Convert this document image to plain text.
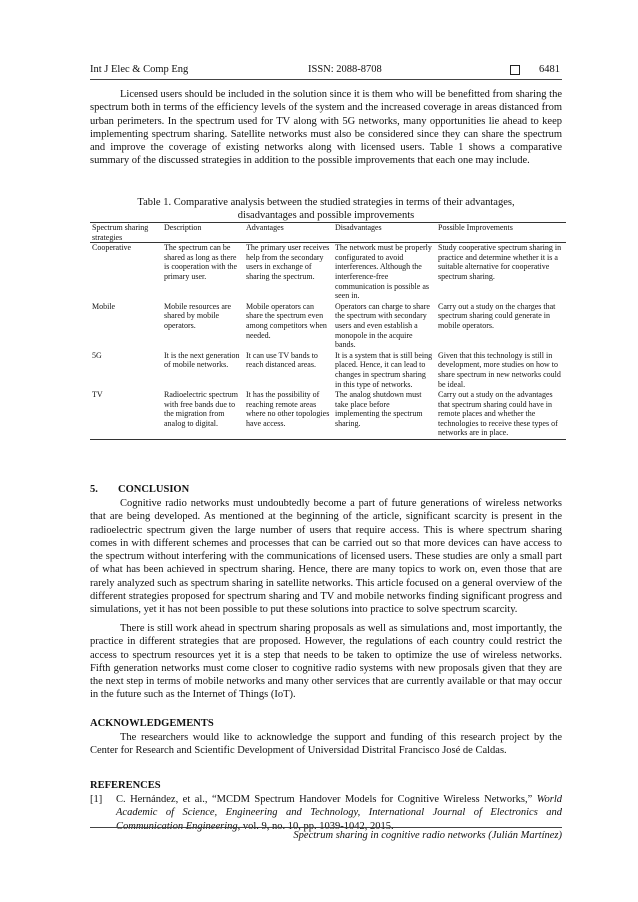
Int J Elec & Comp Eng	ISSN: 2088-8708	6481

Licensed users should be included in the solution since it is them who will be benefitted from sharing the spectrum both in terms of the efficiency levels of the system and the increased coverage in areas distanced from urban perimeters. In the spectrum used for TV along with 5G networks, many opportunities lie ahead to keep implementing spectrum sharing. Satellite networks must also be considered since they can share the spectrum and improve the coverage of existing networks along with licensed users. Table 1 shows a comparative summary of the discussed strategies in addition to the possible improvements that each one may include.

Table 1. Comparative analysis between the studied strategies in terms of their advantages,
disadvantages and possible improvements
Spectrum sharing strategies	Description	Advantages	Disadvantages	Possible Improvements
Cooperative	The spectrum can be shared as long as there is cooperation with the primary user.	The primary user receives help from the secondary users in exchange of sharing the spectrum.	The network must be properly configurated to avoid interferences. Although the interference-free communication is possible as seen in.	Study cooperative spectrum sharing in practice and determine whether it is a suitable alternative for cooperative spectrum sharing.
Mobile	Mobile resources are shared by mobile operators.	Mobile operators can share the spectrum even among competitors when needed.	Operators can charge to share the spectrum with secondary users and even establish a monopole in the acquire bands.	Carry out a study on the charges that spectrum sharing could generate in mobile operators.
5G	It is the next generation of mobile networks.	It can use TV bands to reach distanced areas.	It is a system that is still being placed. Hence, it can lead to changes in spectrum sharing in this type of networks.	Given that this technology is still in development, more studies on how to share spectrum in new networks could be ideal.
TV	Radioelectric spectrum with free bands due to the migration from analog to digital.	It has the possibility of reaching remote areas where no other topologies have access.	The analog shutdown must take place before implementing the spectrum sharing.	Carry out a study on the advantages that spectrum sharing could have in remote places and whether the technologies to receive these types of networks are in place.
5. CONCLUSION

Cognitive radio networks must undoubtedly become a part of future generations of wireless networks that are being developed. As mentioned at the beginning of the article, significant scarcity is present in the radioelectric spectrum given the large number of users that require access. This is where spectrum sharing comes in with different schemes and processes that can be carried out so that more devices can have access to the spectrum without interfering with the communications of licensed users. These studies are only a small part of what has been achieved in spectrum sharing. Hence, there are many topics to work on, even those that are rarely analyzed such as spectrum sharing in satellite networks. This article focused on a general overview of the different strategies proposed for spectrum sharing and TV and mobile networks finding significant progress and simulations, yet it has not been possible to put these solutions into practice to solve spectrum scarcity.

There is still work ahead in spectrum sharing proposals as well as simulations and, most importantly, the practice in different strategies that are proposed. However, the regulations of each country could restrict the access to spectrum resources yet it is a step that needs to be taken to optimize the use of wireless networks. Fifth generation networks must come closer to cognitive radio systems with new proposals given that they are the next step in terms of mobile networks and many other services that are currently available or that may occur in the future such as the Internet of Things (IoT).

ACKNOWLEDGEMENTS

The researchers would like to acknowledge the support and funding of this research project by the Center for Research and Scientific Development of Universidad Distrital Francisco José de Caldas.

REFERENCES
[1] C. Hernández, et al., “MCDM Spectrum Handover Models for Cognitive Wireless Networks,” World Academic of Science, Engineering and Technology, International Journal of Electronics and Communication Engineering, vol. 9, no. 10, pp. 1039-1042, 2015.
Spectrum sharing in cognitive radio networks (Julián Martínez)
